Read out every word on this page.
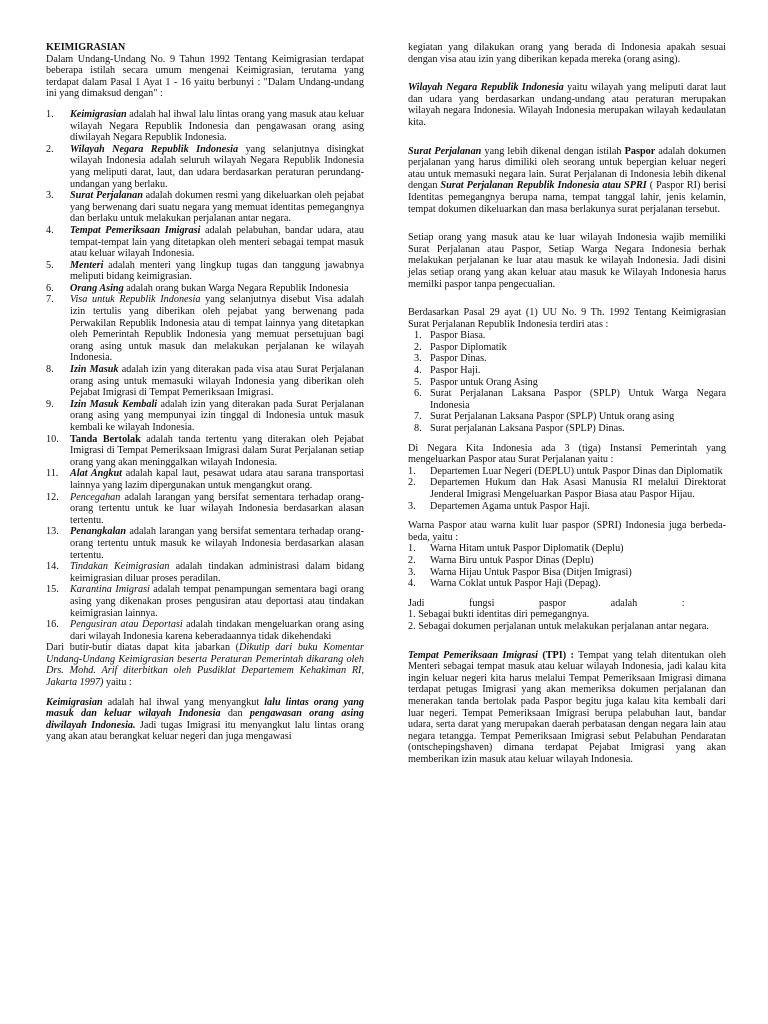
KEIMIGRASIAN

Dalam Undang-Undang No. 9 Tahun 1992 Tentang Keimigrasian terdapat beberapa istilah secara umum mengenai Keimigrasian, terutama yang terdapat dalam Pasal 1 Ayat 1 - 16 yaitu berbunyi : "Dalam Undang-undang ini yang dimaksud dengan" :

1. Keimigrasian adalah hal ihwal lalu lintas orang yang masuk atau keluar wilayah Negara Republik Indonesia dan pengawasan orang asing diwilayah Negara Republik Indonesia.
2. Wilayah Negara Republik Indonesia yang selanjutnya disingkat wilayah Indonesia adalah seluruh wilayah Negara Republik Indonesia yang meliputi darat, laut, dan udara berdasarkan peraturan perundang-undangan yang berlaku.
3. Surat Perjalanan adalah dokumen resmi yang dikeluarkan oleh pejabat yang berwenang dari suatu negara yang memuat identitas pemegangnya dan berlaku untuk melakukan perjalanan antar negara.
4. Tempat Pemeriksaan Imigrasi adalah pelabuhan, bandar udara, atau tempat-tempat lain yang ditetapkan oleh menteri sebagai tempat masuk atau keluar wilayah Indonesia.
5. Menteri adalah menteri yang lingkup tugas dan tanggung jawabnya meliputi bidang keimigrasian.
6. Orang Asing adalah orang bukan Warga Negara Republik Indonesia
7. Visa untuk Republik Indonesia yang selanjutnya disebut Visa adalah izin tertulis yang diberikan oleh pejabat yang berwenang pada Perwakilan Republik Indonesia atau di tempat lainnya yang ditetapkan oleh Pemerintah Republik Indonesia yang memuat persetujuan bagi orang asing untuk masuk dan melakukan perjalanan ke wilayah Indonesia.
8. Izin Masuk adalah izin yang diterakan pada visa atau Surat Perjalanan orang asing untuk memasuki wilayah Indonesia yang diberikan oleh Pejabat Imigrasi di Tempat Pemeriksaan Imigrasi.
9. Izin Masuk Kembali adalah izin yang diterakan pada Surat Perjalanan orang asing yang mempunyai izin tinggal di Indonesia untuk masuk kembali ke wilayah Indonesia.
10. Tanda Bertolak adalah tanda tertentu yang diterakan oleh Pejabat Imigrasi di Tempat Pemeriksaan Imigrasi dalam Surat Perjalanan setiap orang yang akan meninggalkan wilayah Indonesia.
11. Alat Angkut adalah kapal laut, pesawat udara atau sarana transportasi lainnya yang lazim dipergunakan untuk mengangkut orang.
12. Pencegahan adalah larangan yang bersifat sementara terhadap orang-orang tertentu untuk ke luar wilayah Indonesia berdasarkan alasan tertentu.
13. Penangkalan adalah larangan yang bersifat sementara terhadap orang-orang tertentu untuk masuk ke wilayah Indonesia berdasarkan alasan tertentu.
14. Tindakan Keimigrasian adalah tindakan administrasi dalam bidang keimigrasian diluar proses peradilan.
15. Karantina Imigrasi adalah tempat penampungan sementara bagi orang asing yang dikenakan proses pengusiran atau deportasi atau tindakan keimigrasian lainnya.
16. Pengusiran atau Deportasi adalah tindakan mengeluarkan orang asing dari wilayah Indonesia karena keberadaannya tidak dikehendaki

Dari butir-butir diatas dapat kita jabarkan (Dikutip dari buku Komentar Undang-Undang Keimigrasian beserta Peraturan Pemerintah dikarang oleh Drs. Mohd. Arif diterbitkan oleh Pusdiklat Departemem Kehakiman RI, Jakarta 1997) yaitu :

Keimigrasian adalah hal ihwal yang menyangkut lalu lintas orang yang masuk dan keluar wilayah Indonesia dan pengawasan orang asing diwilayah Indonesia. Jadi tugas Imigrasi itu menyangkut lalu lintas orang yang akan atau berangkat keluar negeri dan juga mengawasi

kegiatan yang dilakukan orang yang berada di Indonesia apakah sesuai dengan visa atau izin yang diberikan kepada mereka (orang asing).

Wilayah Negara Republik Indonesia yaitu wilayah yang meliputi darat laut dan udara yang berdasarkan undang-undang atau peraturan merupakan wilayah negara Indonesia. Wilayah Indonesia merupakan wilayah kedaulatan kita.

Surat Perjalanan yang lebih dikenal dengan istilah Paspor adalah dokumen perjalanan yang harus dimiliki oleh seorang untuk bepergian keluar negeri atau untuk memasuki negara lain. Surat Perjalanan di Indonesia lebih dikenal dengan Surat Perjalanan Republik Indonesia atau SPRI ( Paspor RI) berisi Identitas pemegangnya berupa nama, tempat tanggal lahir, jenis kelamin, tempat dokumen dikeluarkan dan masa berlakunya surat perjalanan tersebut.

Setiap orang yang masuk atau ke luar wilayah Indonesia wajib memiliki Surat Perjalanan atau Paspor, Setiap Warga Negara Indonesia berhak melakukan perjalanan ke luar atau masuk ke wilayah Indonesia. Jadi disini jelas setiap orang yang akan keluar atau masuk ke Wilayah Indonesia harus memilki paspor tanpa pengecualian.

Berdasarkan Pasal 29 ayat (1) UU No. 9 Th. 1992 Tentang Keimigrasian Surat Perjalanan Republik Indonesia terdiri atas :

1. Paspor Biasa.
2. Paspor Diplomatik
3. Paspor Dinas.
4. Paspor Haji.
5. Paspor untuk Orang Asing
6. Surat Perjalanan Laksana Paspor (SPLP) Untuk Warga Negara Indonesia
7. Surat Perjalanan Laksana Paspor (SPLP) Untuk orang asing
8. Surat perjalanan Laksana Paspor (SPLP) Dinas.

Di Negara Kita Indonesia ada 3 (tiga) Instansi Pemerintah yang mengeluarkan Paspor atau Surat Perjalanan yaitu :

1. Departemen Luar Negeri (DEPLU) untuk Paspor Dinas dan Diplomatik
2. Departemen Hukum dan Hak Asasi Manusia RI melalui Direktorat Jenderal Imigrasi Mengeluarkan Paspor Biasa atau Paspor Hijau.
3. Departemen Agama untuk Paspor Haji.

Warna Paspor atau warna kulit luar paspor (SPRI) Indonesia juga berbeda-beda, yaitu :

1. Warna Hitam untuk Paspor Diplomatik (Deplu)
2. Warna Biru untuk Paspor Dinas (Deplu)
3. Warna Hijau Untuk Paspor Bisa (Ditjen Imigrasi)
4. Warna Coklat untuk Paspor Haji (Depag).

Jadi fungsi paspor adalah :

1. Sebagai bukti identitas diri pemegangnya.

2. Sebagai dokumen perjalanan untuk melakukan perjalanan antar negara.

Tempat Pemeriksaan Imigrasi (TPI) : Tempat yang telah ditentukan oleh Menteri sebagai tempat masuk atau keluar wilayah Indonesia, jadi kalau kita ingin keluar negeri kita harus melalui Tempat Pemeriksaan Imigrasi dimana terdapat petugas Imigrasi yang akan memeriksa dokumen perjalanan dan menerakan tanda bertolak pada Paspor begitu juga kalau kita kembali dari luar negeri. Tempat Pemeriksaan Imigrasi berupa pelabuhan laut, bandar udara, serta darat yang merupakan daerah perbatasan dengan negara lain atau negara tetangga. Tempat Pemeriksaan Imigrasi sebut Pelabuhan Pendaratan (ontschepingshaven) dimana terdapat Pejabat Imigrasi yang akan memberikan izin masuk atau keluar wilayah Indonesia.
